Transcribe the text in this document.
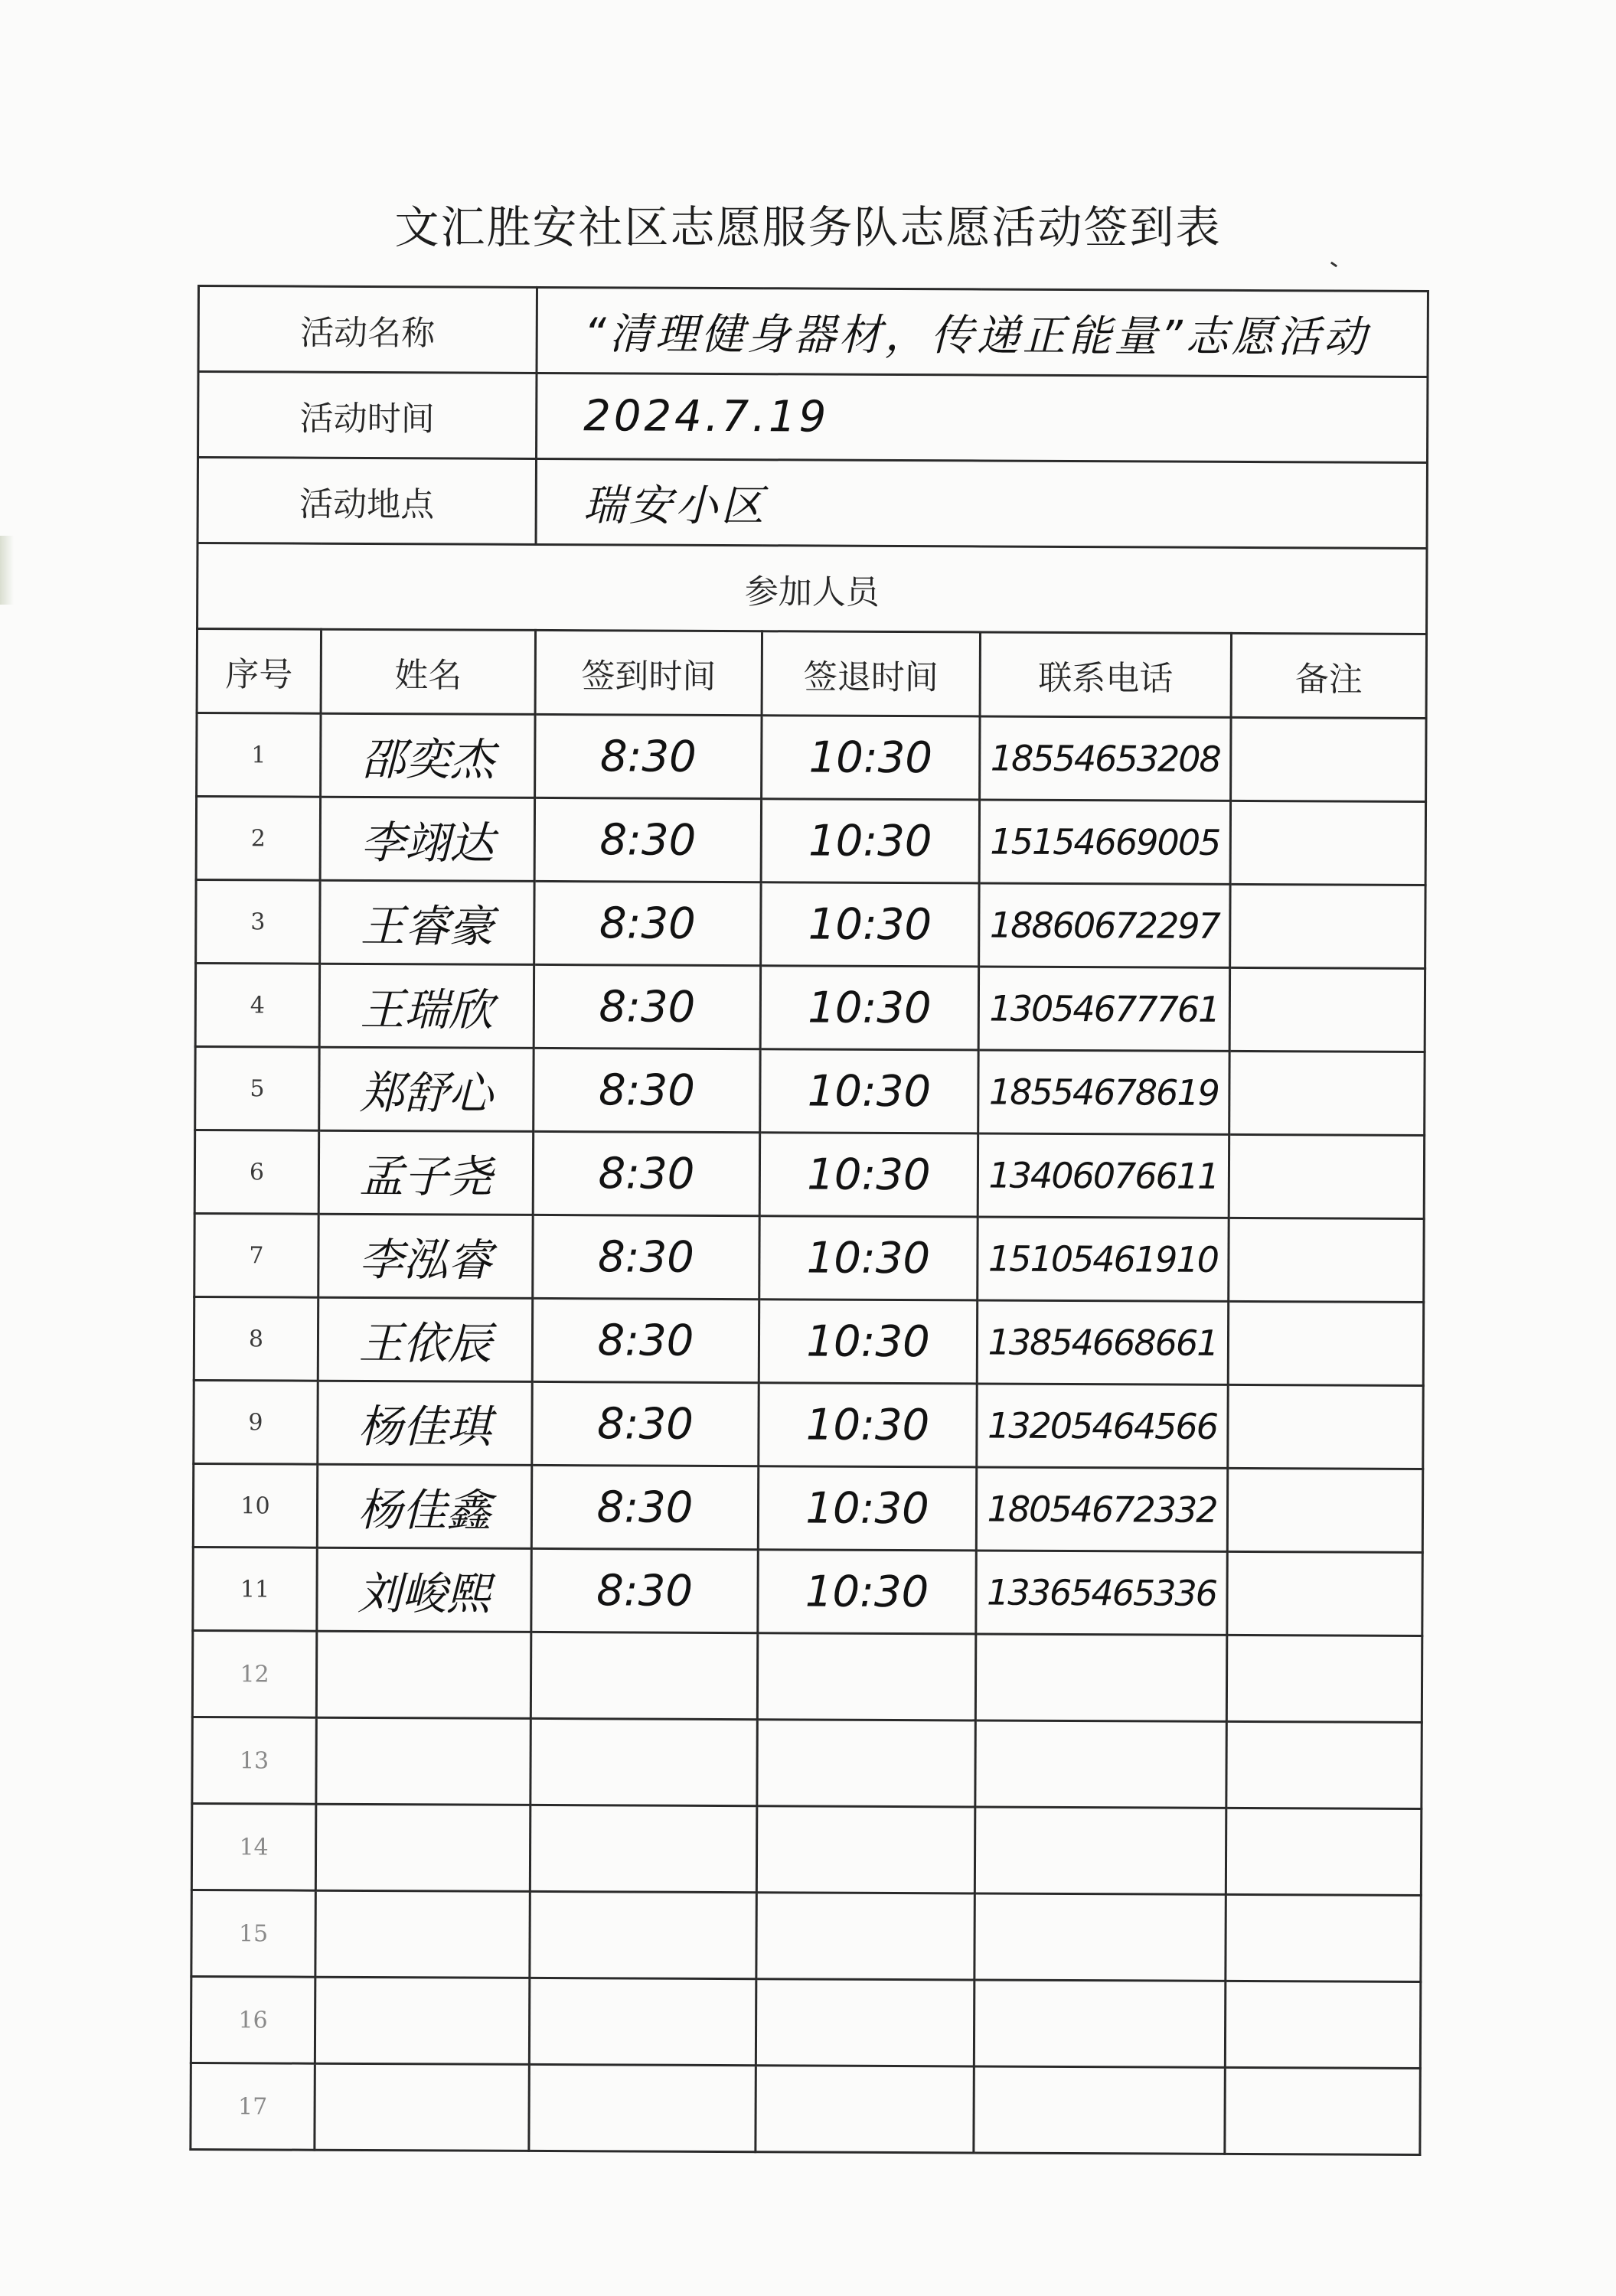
文汇胜安社区志愿服务队志愿活动签到表
活动名称		“清理健身器材，传递正能量”志愿活动			
活动时间		2024.7.19			
活动地点		瑞安小区			
参加人员					
序号	姓名	签到时间	签退时间	联系电话	备注
1	邵奕杰	8:30	10:30	18554653208	
2	李翊达	8:30	10:30	15154669005	
3	王睿豪	8:30	10:30	18860672297	
4	王瑞欣	8:30	10:30	13054677761	
5	郑舒心	8:30	10:30	18554678619	
6	孟子尧	8:30	10:30	13406076611	
7	李泓睿	8:30	10:30	15105461910	
8	王依辰	8:30	10:30	13854668661	
9	杨佳琪	8:30	10:30	13205464566	
10	杨佳鑫	8:30	10:30	18054672332	
11	刘峻熙	8:30	10:30	13365465336	
12					
13					
14					
15					
16					
17					
